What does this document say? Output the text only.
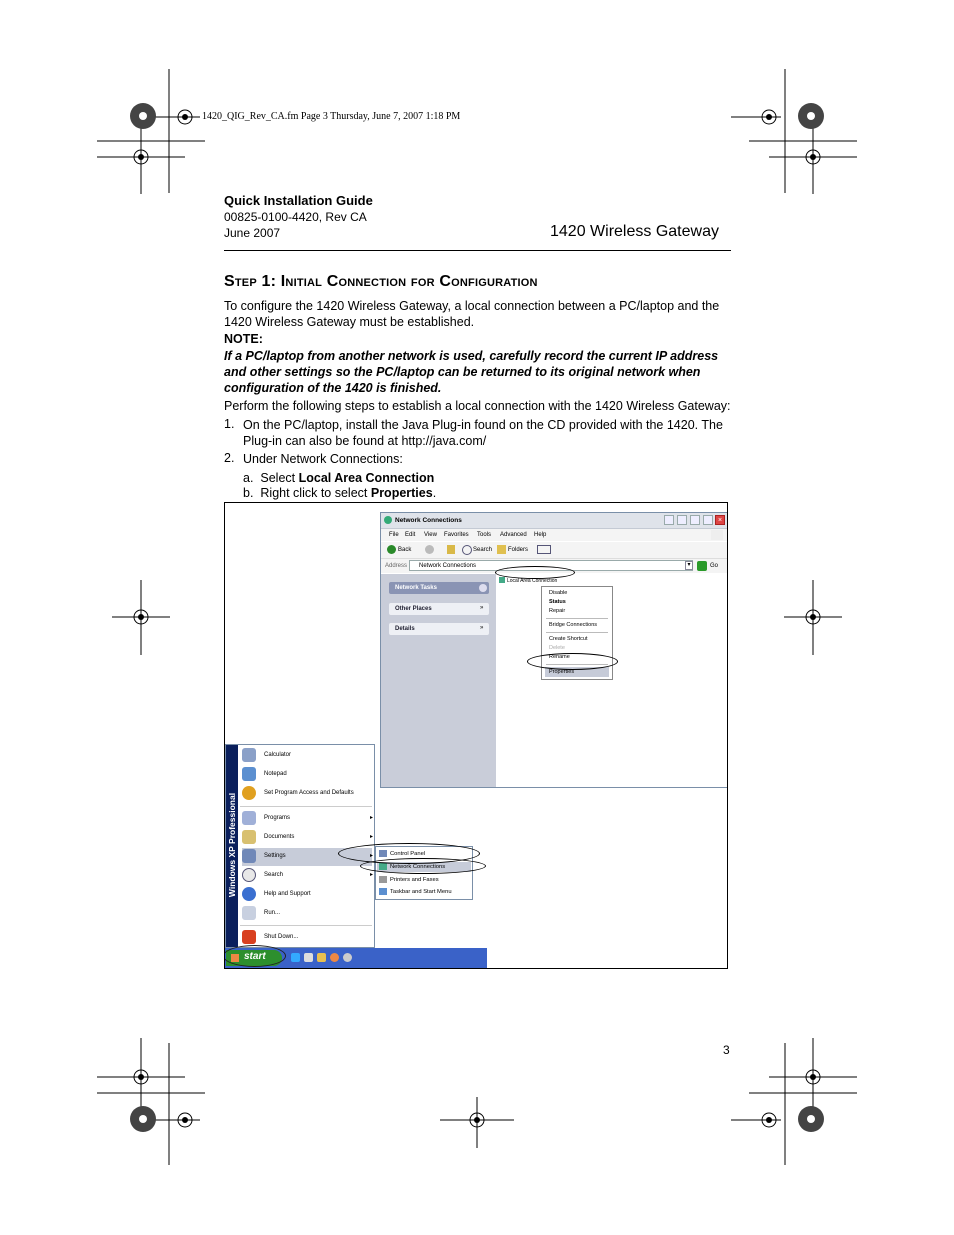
1420_QIG_Rev_CA.fm Page 3 Thursday, June 7, 2007 1:18 PM
Quick Installation Guide
00825-0100-4420, Rev CA
June 2007	1420 Wireless Gateway
Step 1: Initial Connection for Configuration
To configure the 1420 Wireless Gateway, a local connection between a PC/laptop and the 1420 Wireless Gateway must be established.
NOTE:
If a PC/laptop from another network is used, carefully record the current IP address and other settings so the PC/laptop can be returned to its original network when configuration of the 1420 is finished.
Perform the following steps to establish a local connection with the 1420 Wireless Gateway:
1. On the PC/laptop, install the Java Plug-in found on the CD provided with the 1420. The Plug-in can also be found at http://java.com/
2. Under Network Connections:
a. Select Local Area Connection
b. Right click to select Properties.
Network Connections	×
File Edit View Favorites Tools Advanced Help
Back	Search	Folders
Address Network Connections	▾	Go
Network Tasks
Other Places	»
Details	»
Local Area Connection
Disable
Status
Repair
Bridge Connections
Create Shortcut
Delete
Rename
Properties
Windows XP Professional
Calculator
Notepad
Set Program Access and Defaults
Programs	▸
Documents	▸
Settings	▸
Search	▸
Help and Support
Run...
Shut Down...
Control Panel
Network Connections
Printers and Faxes
Taskbar and Start Menu
start
3
